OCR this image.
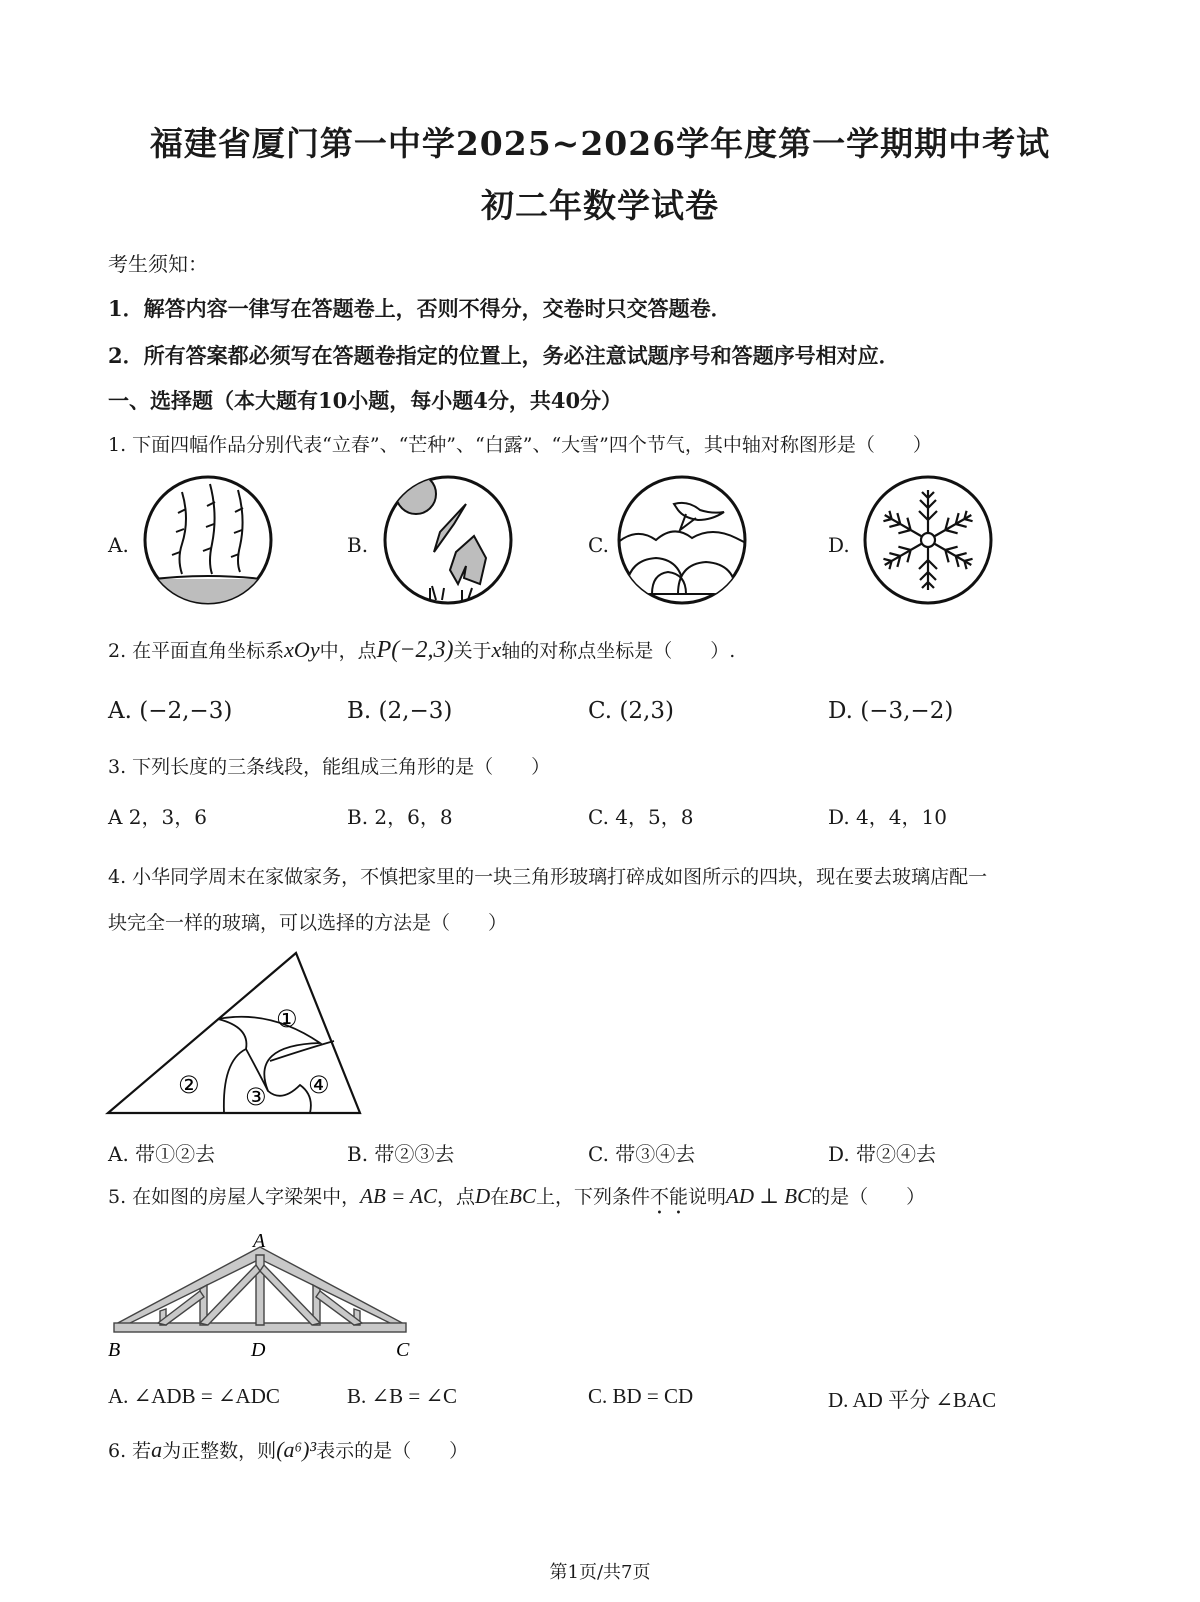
福建省厦门第一中学2025~2026学年度第一学期期中考试
初二年数学试卷
考生须知：
1．解答内容一律写在答题卷上，否则不得分，交卷时只交答题卷．
2．所有答案都必须写在答题卷指定的位置上，务必注意试题序号和答题序号相对应．
一、选择题（本大题有10小题，每小题4分，共40分）
1. 下面四幅作品分别代表“立春”、“芒种”、“白露”、“大雪”四个节气，其中轴对称图形是（　　）
A.	B.	C.	D.
2. 在平面直角坐标系xOy中，点P(−2,3)关于x轴的对称点坐标是（　　）.
A. (−2,−3)	B. (2,−3)	C. (2,3)	D. (−3,−2)
3. 下列长度的三条线段，能组成三角形的是（　　）
A 2，3，6	B. 2，6，8	C. 4，5，8	D. 4，4，10
4. 小华同学周末在家做家务，不慎把家里的一块三角形玻璃打碎成如图所示的四块，现在要去玻璃店配一
块完全一样的玻璃，可以选择的方法是（　　）
①
② ③ ④
A. 带①②去	B. 带②③去	C. 带③④去	D. 带②④去
5. 在如图的房屋人字梁架中，AB = AC，点D在BC上，下列条件不能说明AD ⊥ BC的是（　　）
A
B	D	C
A. ∠ADB = ∠ADC	B. ∠B = ∠C	C. BD = CD	D. AD 平分 ∠BAC
6. 若a为正整数，则(a⁶)³表示的是（　　）
第1页/共7页
